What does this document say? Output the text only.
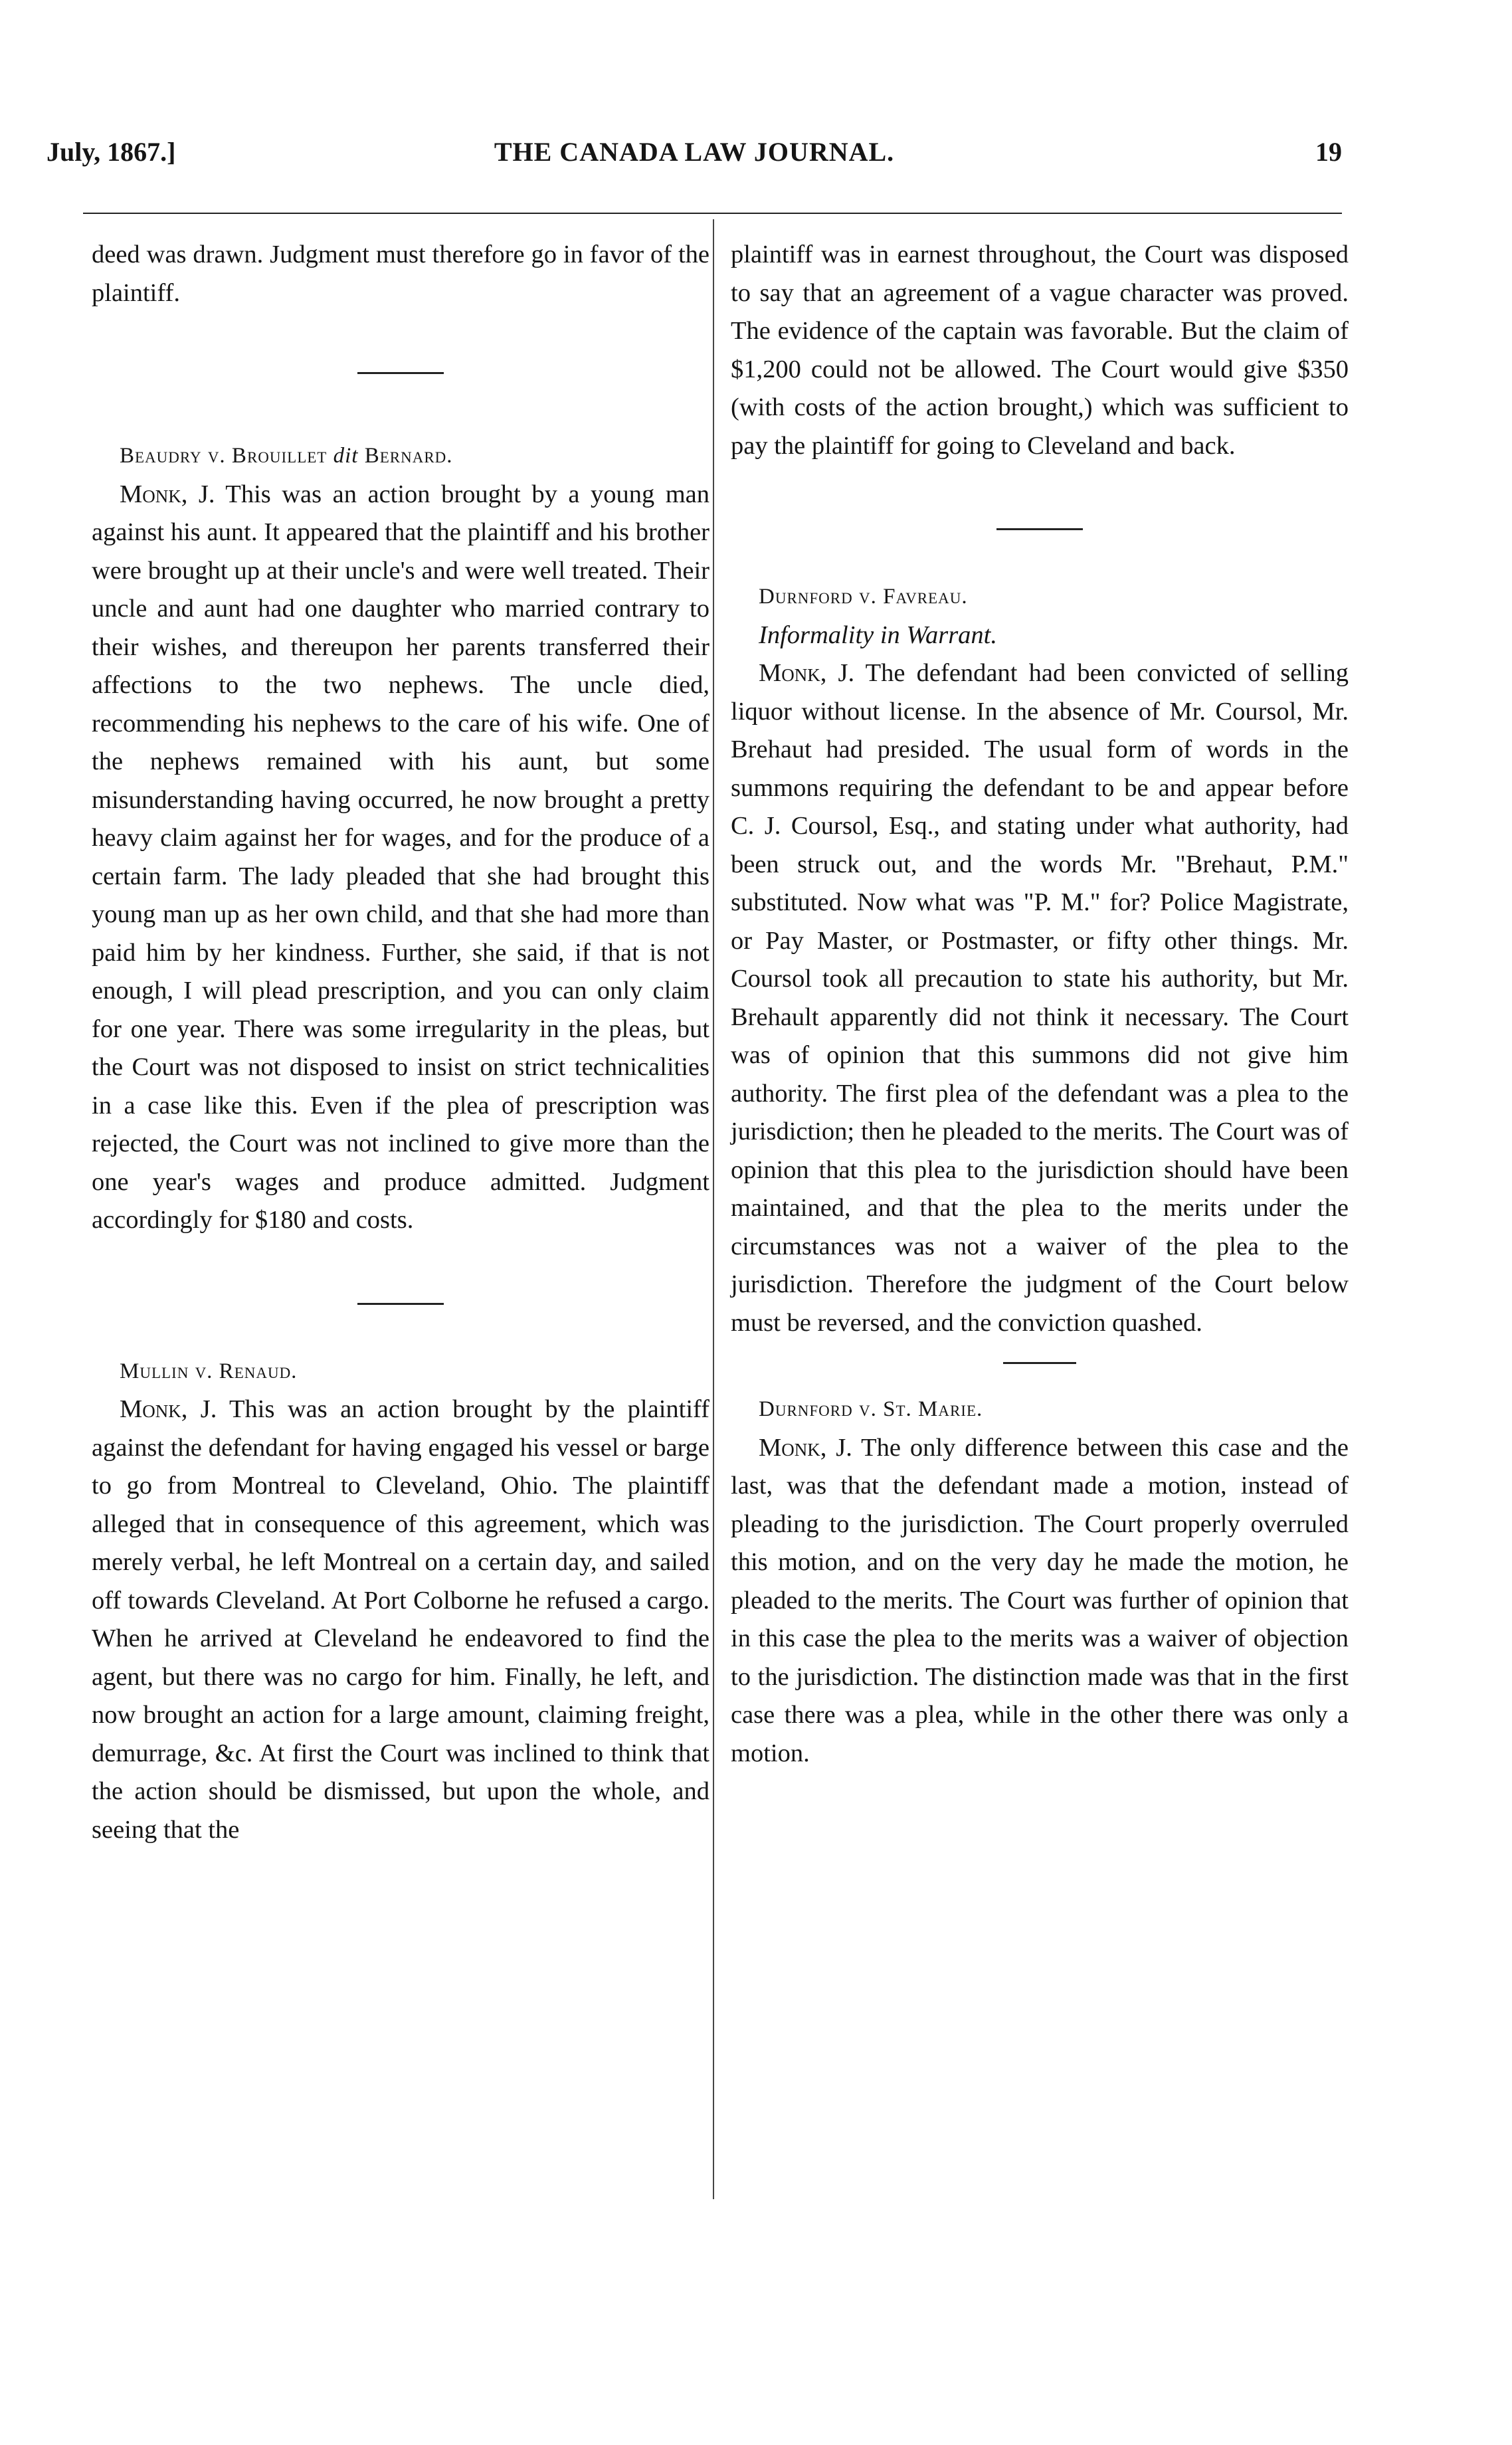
July, 1867.]	THE CANADA LAW JOURNAL.	19

deed was drawn. Judgment must therefore go in favor of the plaintiff.

Beaudry v. Brouillet dit Bernard.

Monk, J. This was an action brought by a young man against his aunt. It appeared that the plaintiff and his brother were brought up at their uncle's and were well treated. Their uncle and aunt had one daughter who married contrary to their wishes, and thereupon her parents transferred their affections to the two nephews. The uncle died, recommending his nephews to the care of his wife. One of the nephews remained with his aunt, but some misunderstanding having occurred, he now brought a pretty heavy claim against her for wages, and for the produce of a certain farm. The lady pleaded that she had brought this young man up as her own child, and that she had more than paid him by her kindness. Further, she said, if that is not enough, I will plead prescription, and you can only claim for one year. There was some irregularity in the pleas, but the Court was not disposed to insist on strict technicalities in a case like this. Even if the plea of prescription was rejected, the Court was not inclined to give more than the one year's wages and produce admitted. Judgment accordingly for $180 and costs.

Mullin v. Renaud.

Monk, J. This was an action brought by the plaintiff against the defendant for having engaged his vessel or barge to go from Montreal to Cleveland, Ohio. The plaintiff alleged that in consequence of this agreement, which was merely verbal, he left Montreal on a certain day, and sailed off towards Cleveland. At Port Colborne he refused a cargo. When he arrived at Cleveland he endeavored to find the agent, but there was no cargo for him. Finally, he left, and now brought an action for a large amount, claiming freight, demurrage, &c. At first the Court was inclined to think that the action should be dismissed, but upon the whole, and seeing that the

plaintiff was in earnest throughout, the Court was disposed to say that an agreement of a vague character was proved. The evidence of the captain was favorable. But the claim of $1,200 could not be allowed. The Court would give $350 (with costs of the action brought,) which was sufficient to pay the plaintiff for going to Cleveland and back.

Durnford v. Favreau.

Informality in Warrant.

Monk, J. The defendant had been convicted of selling liquor without license. In the absence of Mr. Coursol, Mr. Brehaut had presided. The usual form of words in the summons requiring the defendant to be and appear before C. J. Coursol, Esq., and stating under what authority, had been struck out, and the words Mr. "Brehaut, P.M." substituted. Now what was "P. M." for? Police Magistrate, or Pay Master, or Postmaster, or fifty other things. Mr. Coursol took all precaution to state his authority, but Mr. Brehault apparently did not think it necessary. The Court was of opinion that this summons did not give him authority. The first plea of the defendant was a plea to the jurisdiction; then he pleaded to the merits. The Court was of opinion that this plea to the jurisdiction should have been maintained, and that the plea to the merits under the circumstances was not a waiver of the plea to the jurisdiction. Therefore the judgment of the Court below must be reversed, and the conviction quashed.

Durnford v. St. Marie.

Monk, J. The only difference between this case and the last, was that the defendant made a motion, instead of pleading to the jurisdiction. The Court properly overruled this motion, and on the very day he made the motion, he pleaded to the merits. The Court was further of opinion that in this case the plea to the merits was a waiver of objection to the jurisdiction. The distinction made was that in the first case there was a plea, while in the other there was only a motion.
